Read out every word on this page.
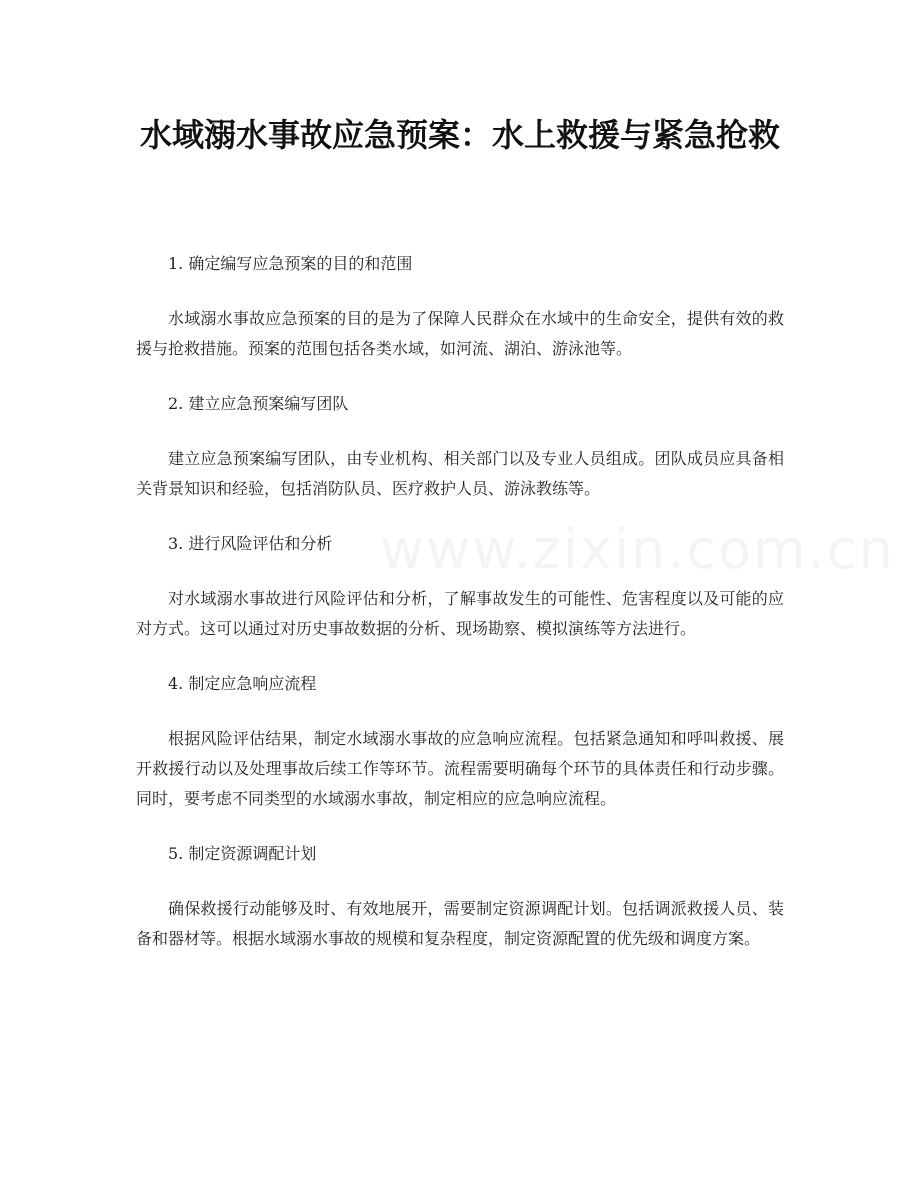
水域溺水事故应急预案：水上救援与紧急抢救

1. 确定编写应急预案的目的和范围

水域溺水事故应急预案的目的是为了保障人民群众在水域中的生命安全，提供有效的救援与抢救措施。预案的范围包括各类水域，如河流、湖泊、游泳池等。

2. 建立应急预案编写团队

建立应急预案编写团队，由专业机构、相关部门以及专业人员组成。团队成员应具备相关背景知识和经验，包括消防队员、医疗救护人员、游泳教练等。

3. 进行风险评估和分析

对水域溺水事故进行风险评估和分析，了解事故发生的可能性、危害程度以及可能的应对方式。这可以通过对历史事故数据的分析、现场勘察、模拟演练等方法进行。

4. 制定应急响应流程

根据风险评估结果，制定水域溺水事故的应急响应流程。包括紧急通知和呼叫救援、展开救援行动以及处理事故后续工作等环节。流程需要明确每个环节的具体责任和行动步骤。同时，要考虑不同类型的水域溺水事故，制定相应的应急响应流程。

5. 制定资源调配计划

确保救援行动能够及时、有效地展开，需要制定资源调配计划。包括调派救援人员、装备和器材等。根据水域溺水事故的规模和复杂程度，制定资源配置的优先级和调度方案。
